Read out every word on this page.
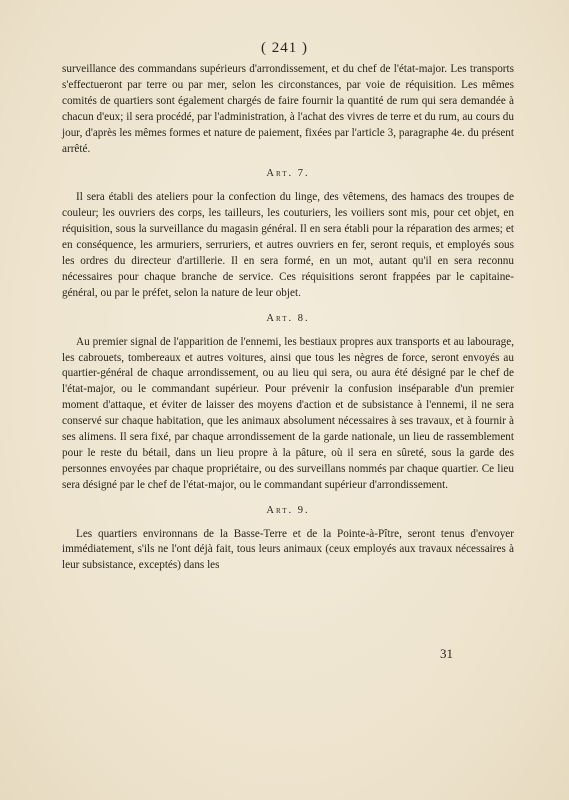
( 241 )

surveillance des commandans supérieurs d'arrondissement, et du chef de l'état-major. Les transports s'effectueront par terre ou par mer, selon les circonstances, par voie de réquisition. Les mêmes comités de quartiers sont également chargés de faire fournir la quantité de rum qui sera demandée à chacun d'eux; il sera procédé, par l'administration, à l'achat des vivres de terre et du rum, au cours du jour, d'après les mêmes formes et nature de paiement, fixées par l'article 3, paragraphe 4e. du présent arrêté.

Art. 7.

Il sera établi des ateliers pour la confection du linge, des vêtemens, des hamacs des troupes de couleur; les ouvriers des corps, les tailleurs, les couturiers, les voiliers sont mis, pour cet objet, en réquisition, sous la surveillance du magasin général. Il en sera établi pour la réparation des armes; et en conséquence, les armuriers, serruriers, et autres ouvriers en fer, seront requis, et employés sous les ordres du directeur d'artillerie. Il en sera formé, en un mot, autant qu'il en sera reconnu nécessaires pour chaque branche de service. Ces réquisitions seront frappées par le capitaine-général, ou par le préfet, selon la nature de leur objet.

Art. 8.

Au premier signal de l'apparition de l'ennemi, les bestiaux propres aux transports et au labourage, les cabrouets, tombereaux et autres voitures, ainsi que tous les nègres de force, seront envoyés au quartier-général de chaque arrondissement, ou au lieu qui sera, ou aura été désigné par le chef de l'état-major, ou le commandant supérieur. Pour prévenir la confusion inséparable d'un premier moment d'attaque, et éviter de laisser des moyens d'action et de subsistance à l'ennemi, il ne sera conservé sur chaque habitation, que les animaux absolument nécessaires à ses travaux, et à fournir à ses alimens. Il sera fixé, par chaque arrondissement de la garde nationale, un lieu de rassemblement pour le reste du bétail, dans un lieu propre à la pâture, où il sera en sûreté, sous la garde des personnes envoyées par chaque propriétaire, ou des surveillans nommés par chaque quartier. Ce lieu sera désigné par le chef de l'état-major, ou le commandant supérieur d'arrondissement.

Art. 9.

Les quartiers environnans de la Basse-Terre et de la Pointe-à-Pître, seront tenus d'envoyer immédiatement, s'ils ne l'ont déjà fait, tous leurs animaux (ceux employés aux travaux nécessaires à leur subsistance, exceptés) dans les

31
